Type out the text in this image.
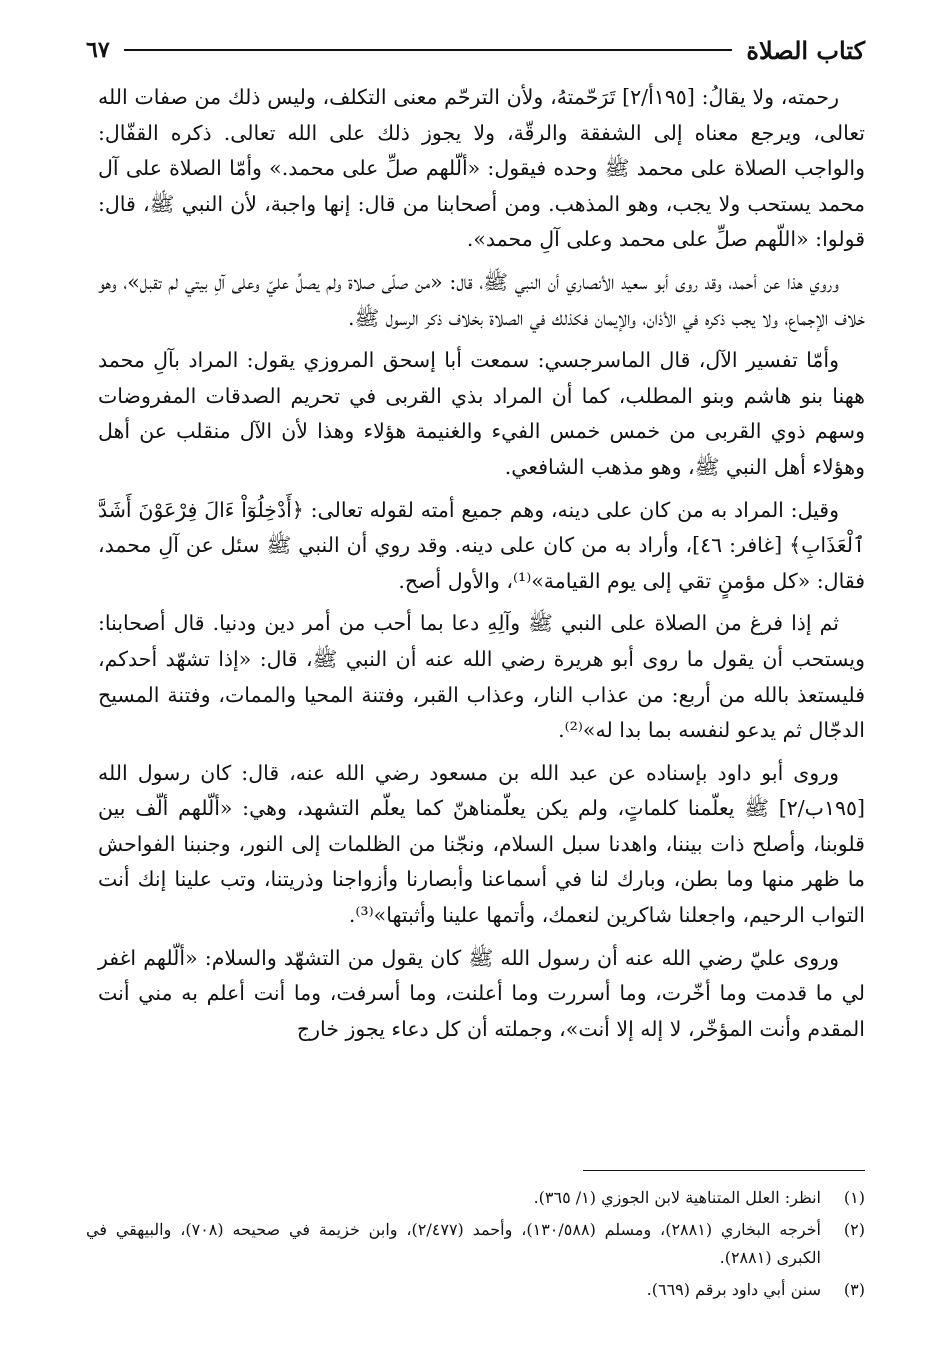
كتاب الصلاة
٦٧

رحمته، ولا يقالُ: [١٩٥أ/٢] تَرَحّمتهُ، ولأن الترحّم معنى التكلف، وليس ذلك من صفات الله تعالى، ويرجع معناه إلى الشفقة والرقّة، ولا يجوز ذلك على الله تعالى. ذكره القفّال: والواجب الصلاة على محمد ﷺ وحده فيقول: «ألّلهم صلِّ على محمد.» وأمّا الصلاة على آل محمد يستحب ولا يجب، وهو المذهب. ومن أصحابنا من قال: إنها واجبة، لأن النبي ﷺ، قال: قولوا: «اللّهم صلِّ على محمد وعلى آلِ محمد».

وروي هذا عن أحمد، وقد روى أبو سعيد الأنصاري أن النبي ﷺ، قال: «من صلّى صلاة ولم يصلِّ عليّ وعلى آلِ بيتي لم تقبل»، وهو خلاف الإجماع، ولا يجب ذكره في الأذان، والإيمان فكذلك في الصلاة بخلاف ذكر الرسول ﷺ.

وأمّا تفسير الآل، قال الماسرجسي: سمعت أبا إسحق المروزي يقول: المراد بآلِ محمد ههنا بنو هاشم وبنو المطلب، كما أن المراد بذي القربى في تحريم الصدقات المفروضات وسهم ذوي القربى من خمس خمس الفيء والغنيمة هؤلاء وهذا لأن الآل منقلب عن أهل وهؤلاء أهل النبي ﷺ، وهو مذهب الشافعي.

وقيل: المراد به من كان على دينه، وهم جميع أمته لقوله تعالى: ﴿أَدْخِلُوٓاْ ءَالَ فِرْعَوْنَ أَشَدَّ ٱلْعَذَابِ﴾ [غافر: ٤٦]، وأراد به من كان على دينه. وقد روي أن النبي ﷺ سئل عن آلِ محمد، فقال: «كل مؤمنٍ تقي إلى يوم القيامة»⁽¹⁾، والأول أصح.

ثم إذا فرغ من الصلاة على النبي ﷺ وآلِهِ دعا بما أحب من أمر دين ودنيا. قال أصحابنا: ويستحب أن يقول ما روى أبو هريرة رضي الله عنه أن النبي ﷺ، قال: «إذا تشهّد أحدكم، فليستعذ بالله من أربع: من عذاب النار، وعذاب القبر، وفتنة المحيا والممات، وفتنة المسيح الدجّال ثم يدعو لنفسه بما بدا له»⁽²⁾.

وروى أبو داود بإسناده عن عبد الله بن مسعود رضي الله عنه، قال: كان رسول الله [١٩٥ب/٢] ﷺ يعلّمنا كلماتٍ، ولم يكن يعلّمناهنّ كما يعلّم التشهد، وهي: «ألّلهم ألّف بين قلوبنا، وأصلح ذات بيننا، واهدنا سبل السلام، ونجّنا من الظلمات إلى النور، وجنبنا الفواحش ما ظهر منها وما بطن، وبارك لنا في أسماعنا وأبصارنا وأزواجنا وذريتنا، وتب علينا إنك أنت التواب الرحيم، واجعلنا شاكرين لنعمك، وأتمها علينا وأثبتها»⁽³⁾.

وروى عليّ رضي الله عنه أن رسول الله ﷺ كان يقول من التشهّد والسلام: «ألّلهم اغفر لي ما قدمت وما أخّرت، وما أسررت وما أعلنت، وما أسرفت، وما أنت أعلم به مني أنت المقدم وأنت المؤخّر، لا إله إلا أنت»، وجملته أن كل دعاء يجوز خارج

(١)
انظر: العلل المتناهية لابن الجوزي (١/ ٣٦٥).
(٢)
أخرجه البخاري (٢٨٨١)، ومسلم (١٣٠/٥٨٨)، وأحمد (٢/٤٧٧)، وابن خزيمة في صحيحه (٧٠٨)، والبيهقي في الكبرى (٢٨٨١).
(٣)
سنن أبي داود برقم (٦٦٩).
